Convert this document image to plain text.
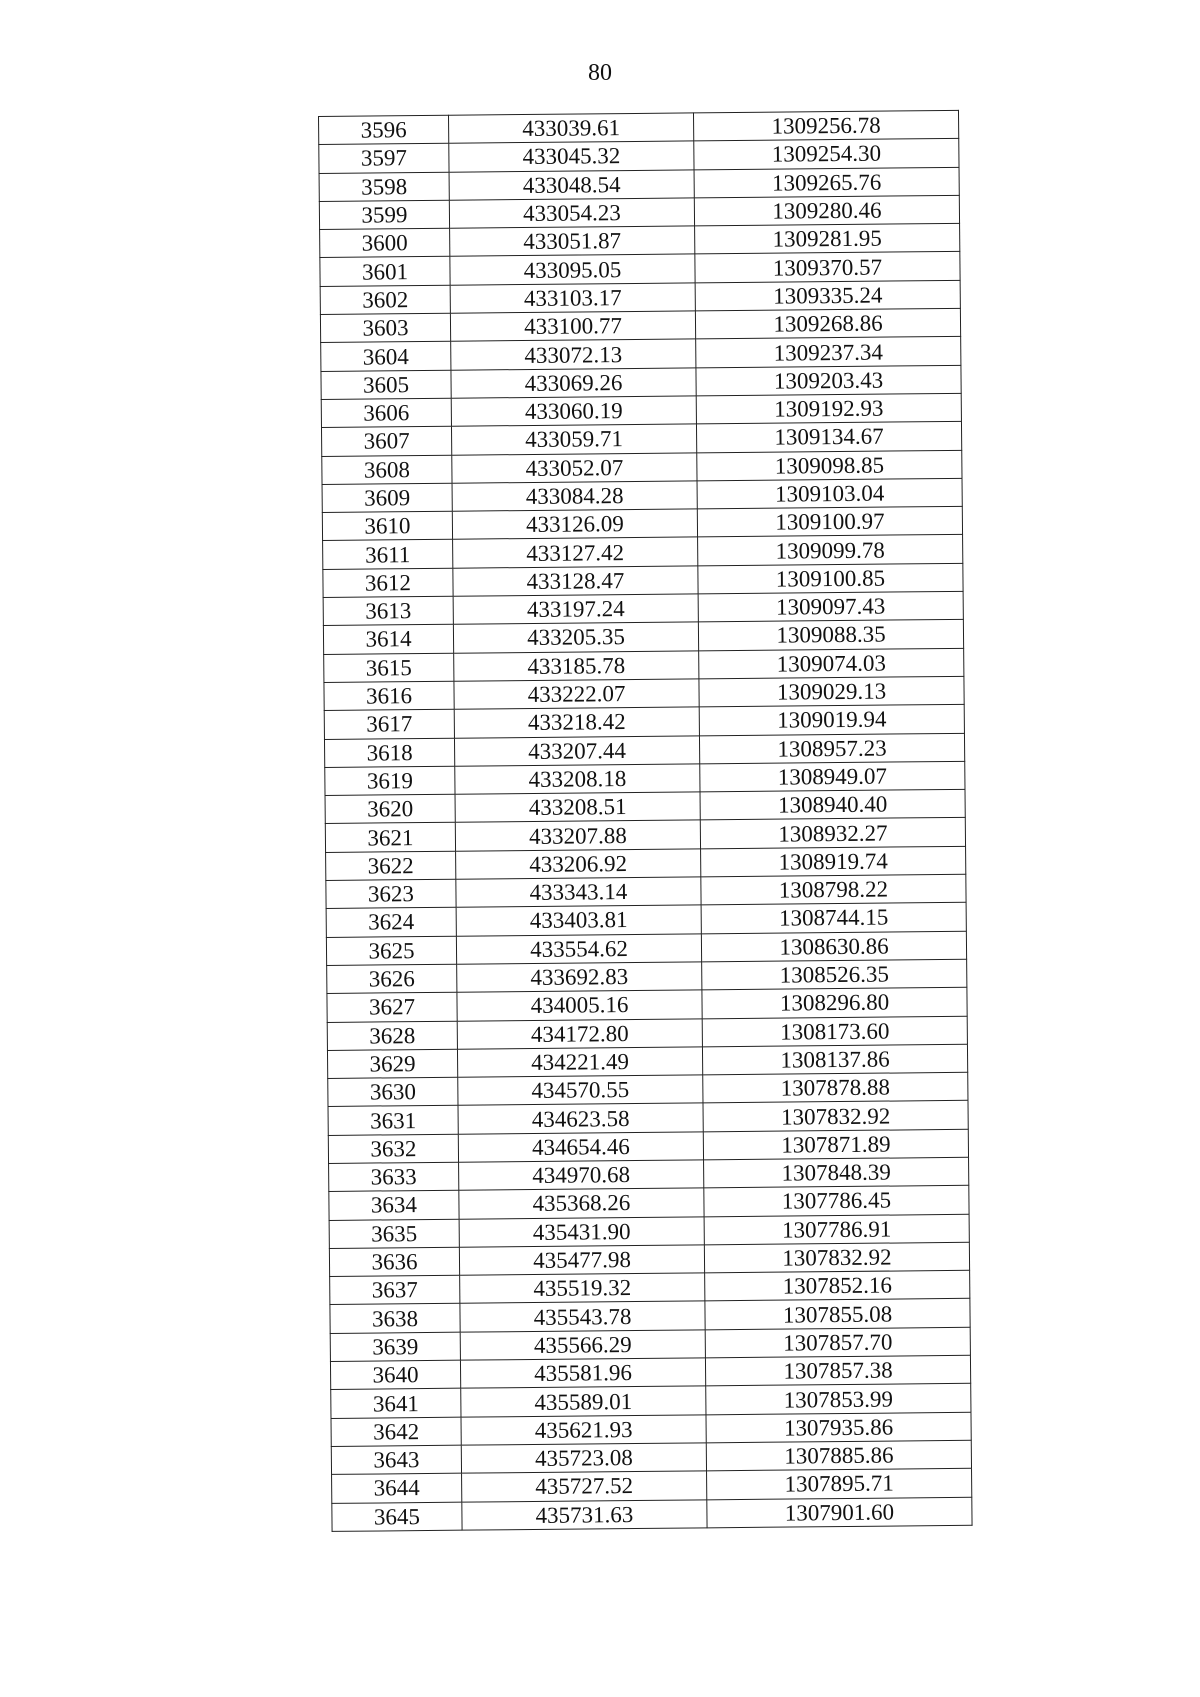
80
3596	433039.61	1309256.78
3597	433045.32	1309254.30
3598	433048.54	1309265.76
3599	433054.23	1309280.46
3600	433051.87	1309281.95
3601	433095.05	1309370.57
3602	433103.17	1309335.24
3603	433100.77	1309268.86
3604	433072.13	1309237.34
3605	433069.26	1309203.43
3606	433060.19	1309192.93
3607	433059.71	1309134.67
3608	433052.07	1309098.85
3609	433084.28	1309103.04
3610	433126.09	1309100.97
3611	433127.42	1309099.78
3612	433128.47	1309100.85
3613	433197.24	1309097.43
3614	433205.35	1309088.35
3615	433185.78	1309074.03
3616	433222.07	1309029.13
3617	433218.42	1309019.94
3618	433207.44	1308957.23
3619	433208.18	1308949.07
3620	433208.51	1308940.40
3621	433207.88	1308932.27
3622	433206.92	1308919.74
3623	433343.14	1308798.22
3624	433403.81	1308744.15
3625	433554.62	1308630.86
3626	433692.83	1308526.35
3627	434005.16	1308296.80
3628	434172.80	1308173.60
3629	434221.49	1308137.86
3630	434570.55	1307878.88
3631	434623.58	1307832.92
3632	434654.46	1307871.89
3633	434970.68	1307848.39
3634	435368.26	1307786.45
3635	435431.90	1307786.91
3636	435477.98	1307832.92
3637	435519.32	1307852.16
3638	435543.78	1307855.08
3639	435566.29	1307857.70
3640	435581.96	1307857.38
3641	435589.01	1307853.99
3642	435621.93	1307935.86
3643	435723.08	1307885.86
3644	435727.52	1307895.71
3645	435731.63	1307901.60
